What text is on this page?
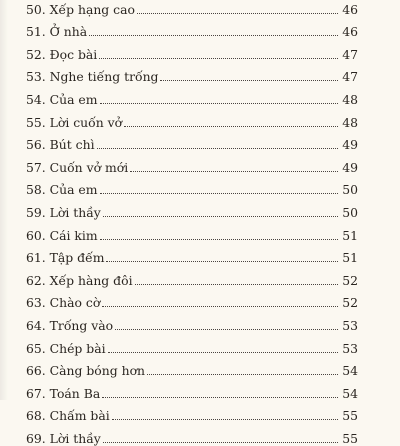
50. Xếp hạng cao	46
51. Ở nhà	46
52. Đọc bài	47
53. Nghe tiếng trống	47
54. Của em	48
55. Lời cuốn vở	48
56. Bút chì	49
57. Cuốn vở mới	49
58. Của em	50
59. Lời thầy	50
60. Cái kim	51
61. Tập đếm	51
62. Xếp hàng đôi	52
63. Chào cờ	52
64. Trống vào	53
65. Chép bài	53
66. Càng bóng hơn	54
67. Toán Ba	54
68. Chấm bài	55
69. Lời thầy	55
